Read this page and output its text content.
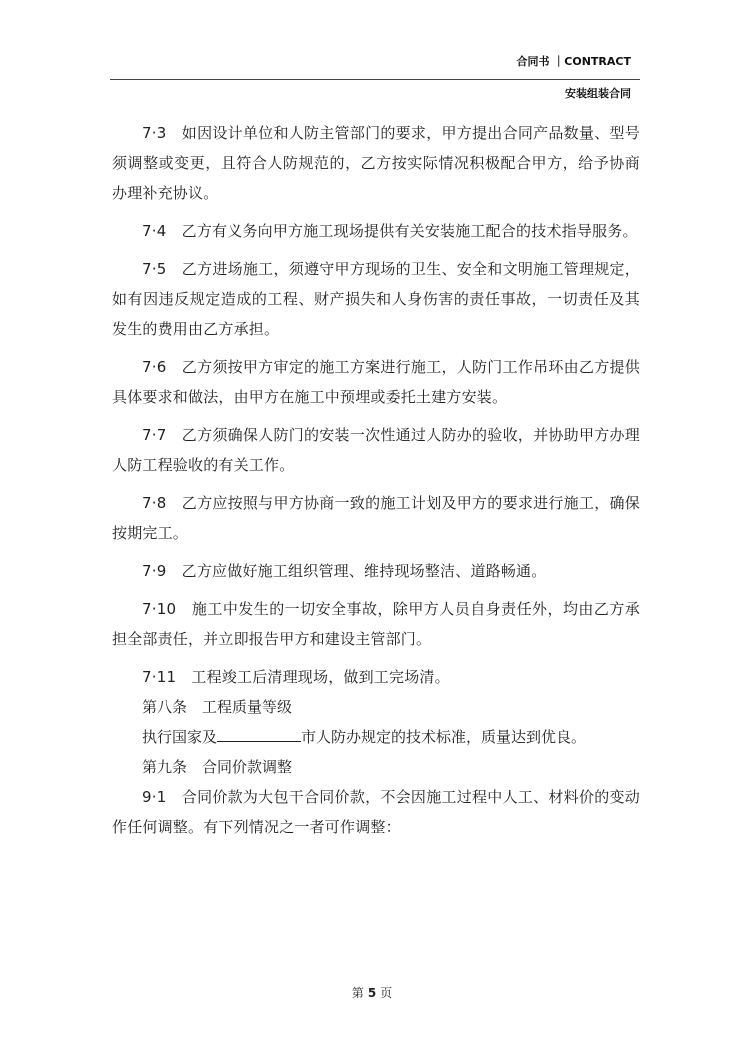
合同书 ｜CONTRACT
安装组装合同

7·3　如因设计单位和人防主管部门的要求，甲方提出合同产品数量、型号须调整或变更，且符合人防规范的，乙方按实际情况积极配合甲方，给予协商办理补充协议。

7·4　乙方有义务向甲方施工现场提供有关安装施工配合的技术指导服务。

7·5　乙方进场施工，须遵守甲方现场的卫生、安全和文明施工管理规定，如有因违反规定造成的工程、财产损失和人身伤害的责任事故，一切责任及其发生的费用由乙方承担。

7·6　乙方须按甲方审定的施工方案进行施工，人防门工作吊环由乙方提供具体要求和做法，由甲方在施工中预埋或委托土建方安装。

7·7　乙方须确保人防门的安装一次性通过人防办的验收，并协助甲方办理人防工程验收的有关工作。

7·8　乙方应按照与甲方协商一致的施工计划及甲方的要求进行施工，确保按期完工。

7·9　乙方应做好施工组织管理、维持现场整洁、道路畅通。

7·10　施工中发生的一切安全事故，除甲方人员自身责任外，均由乙方承担全部责任，并立即报告甲方和建设主管部门。

7·11　工程竣工后清理现场，做到工完场清。

第八条　工程质量等级

执行国家及	市人防办规定的技术标准，质量达到优良。

第九条　合同价款调整

9·1　合同价款为大包干合同价款，不会因施工过程中人工、材料价的变动作任何调整。有下列情况之一者可作调整：

第 5 页
